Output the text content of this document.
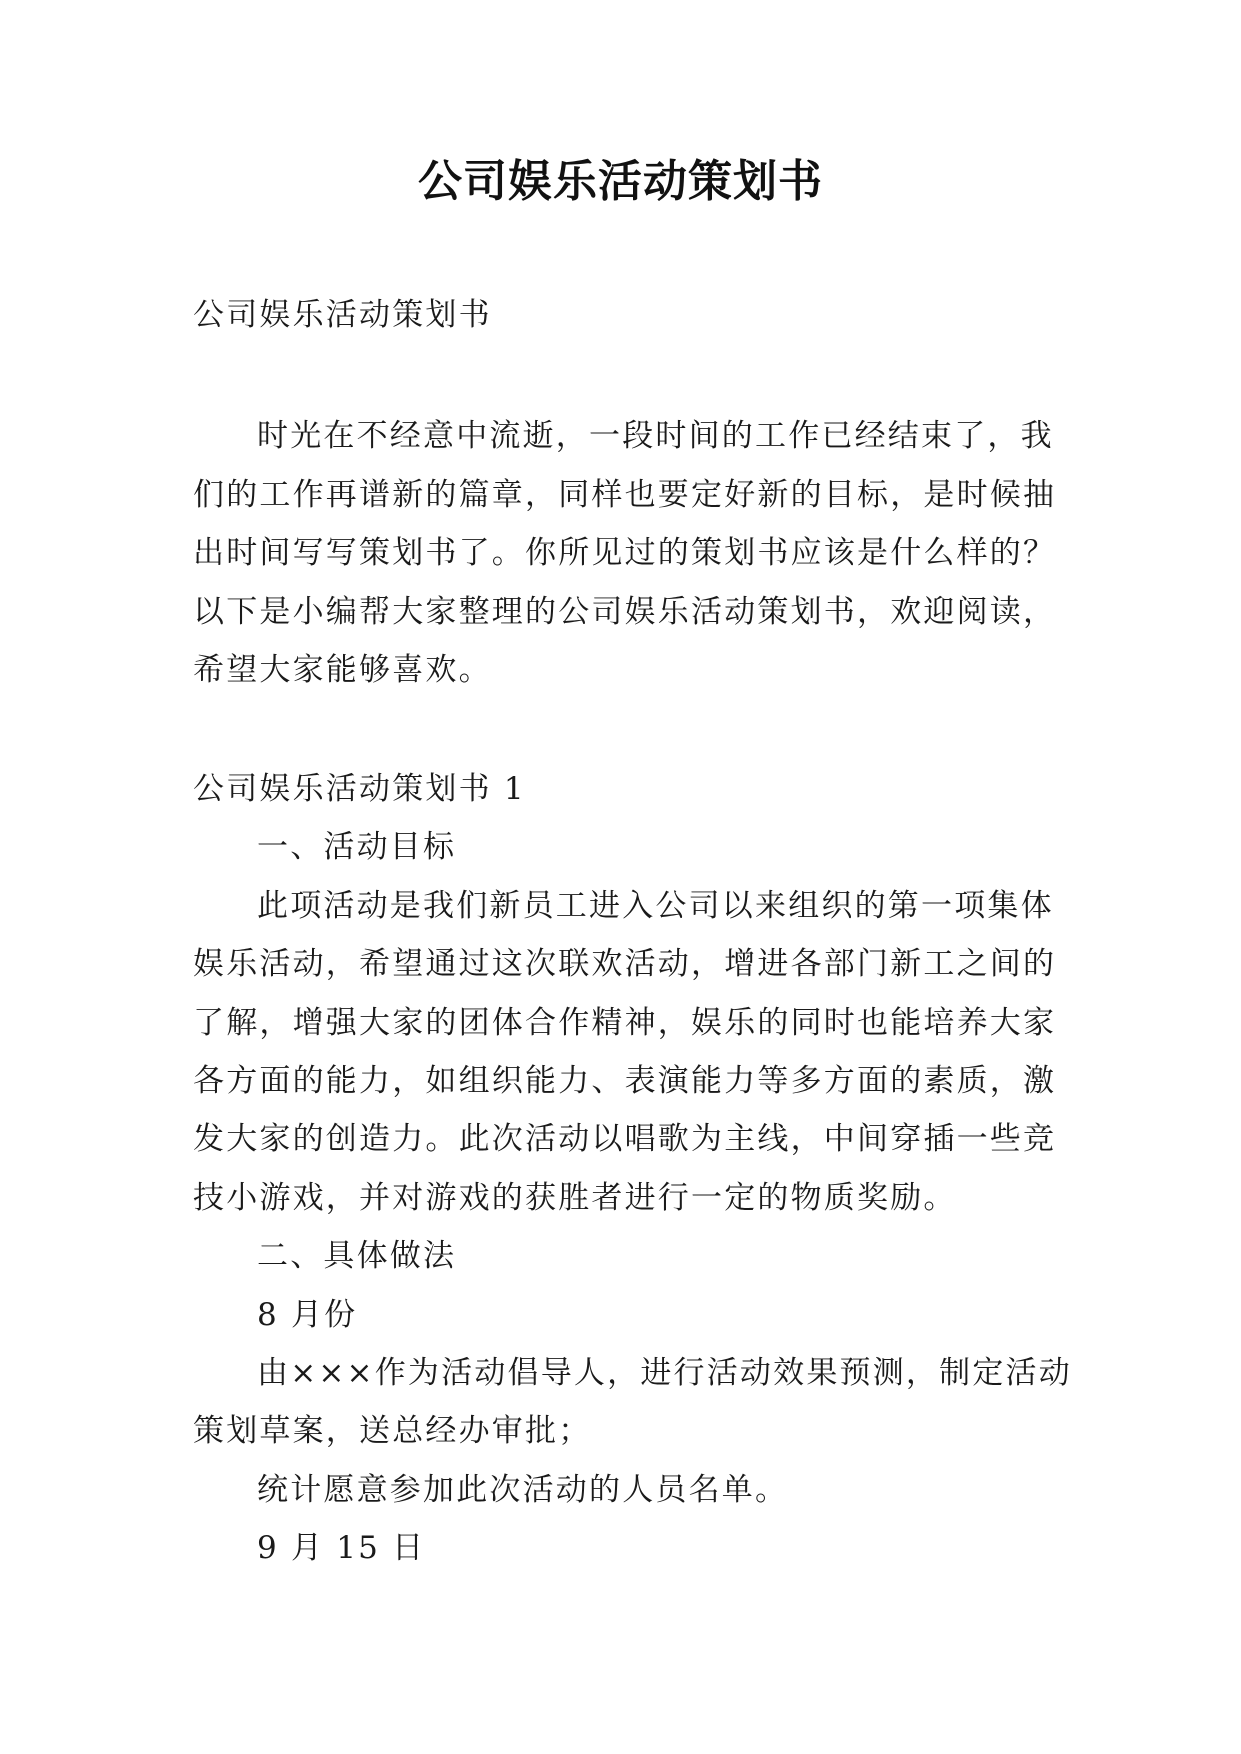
公司娱乐活动策划书
公司娱乐活动策划书

时光在不经意中流逝，一段时间的工作已经结束了，我们的工作再谱新的篇章，同样也要定好新的目标，是时候抽出时间写写策划书了。你所见过的策划书应该是什么样的？以下是小编帮大家整理的公司娱乐活动策划书，欢迎阅读，希望大家能够喜欢。

公司娱乐活动策划书 1

一、活动目标

此项活动是我们新员工进入公司以来组织的第一项集体娱乐活动，希望通过这次联欢活动，增进各部门新工之间的了解，增强大家的团体合作精神，娱乐的同时也能培养大家各方面的能力，如组织能力、表演能力等多方面的素质，激发大家的创造力。此次活动以唱歌为主线，中间穿插一些竞技小游戏，并对游戏的获胜者进行一定的物质奖励。

二、具体做法

8 月份

由×××作为活动倡导人，进行活动效果预测，制定活动策划草案，送总经办审批；

统计愿意参加此次活动的人员名单。

9 月 15 日
